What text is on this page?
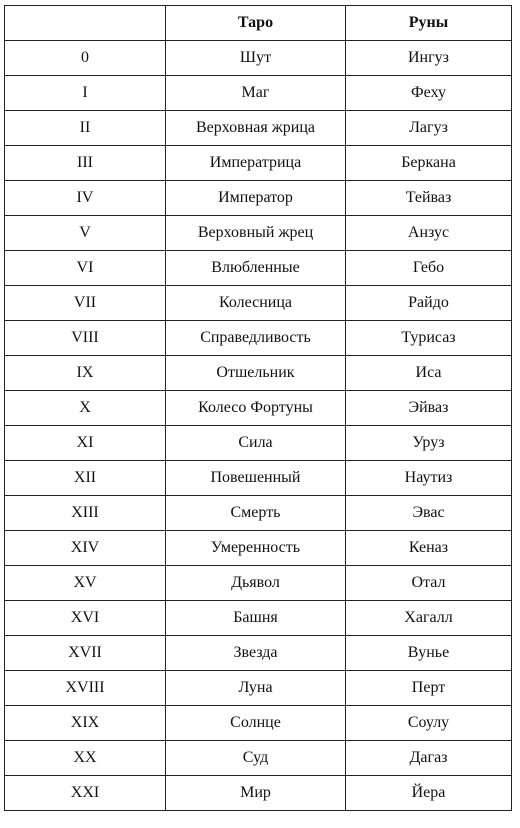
	Таро	Руны
0	Шут	Ингуз
I	Маг	Феху
II	Верховная жрица	Лагуз
III	Императрица	Беркана
IV	Император	Тейваз
V	Верховный жрец	Анзус
VI	Влюбленные	Гебо
VII	Колесница	Райдо
VIII	Справедливость	Турисаз
IX	Отшельник	Иса
X	Колесо Фортуны	Эйваз
XI	Сила	Уруз
XII	Повешенный	Наутиз
XIII	Смерть	Эвас
XIV	Умеренность	Кеназ
XV	Дьявол	Отал
XVI	Башня	Хагалл
XVII	Звезда	Вунье
XVIII	Луна	Перт
XIX	Солнце	Соулу
XX	Суд	Дагаз
XXI	Мир	Йера
